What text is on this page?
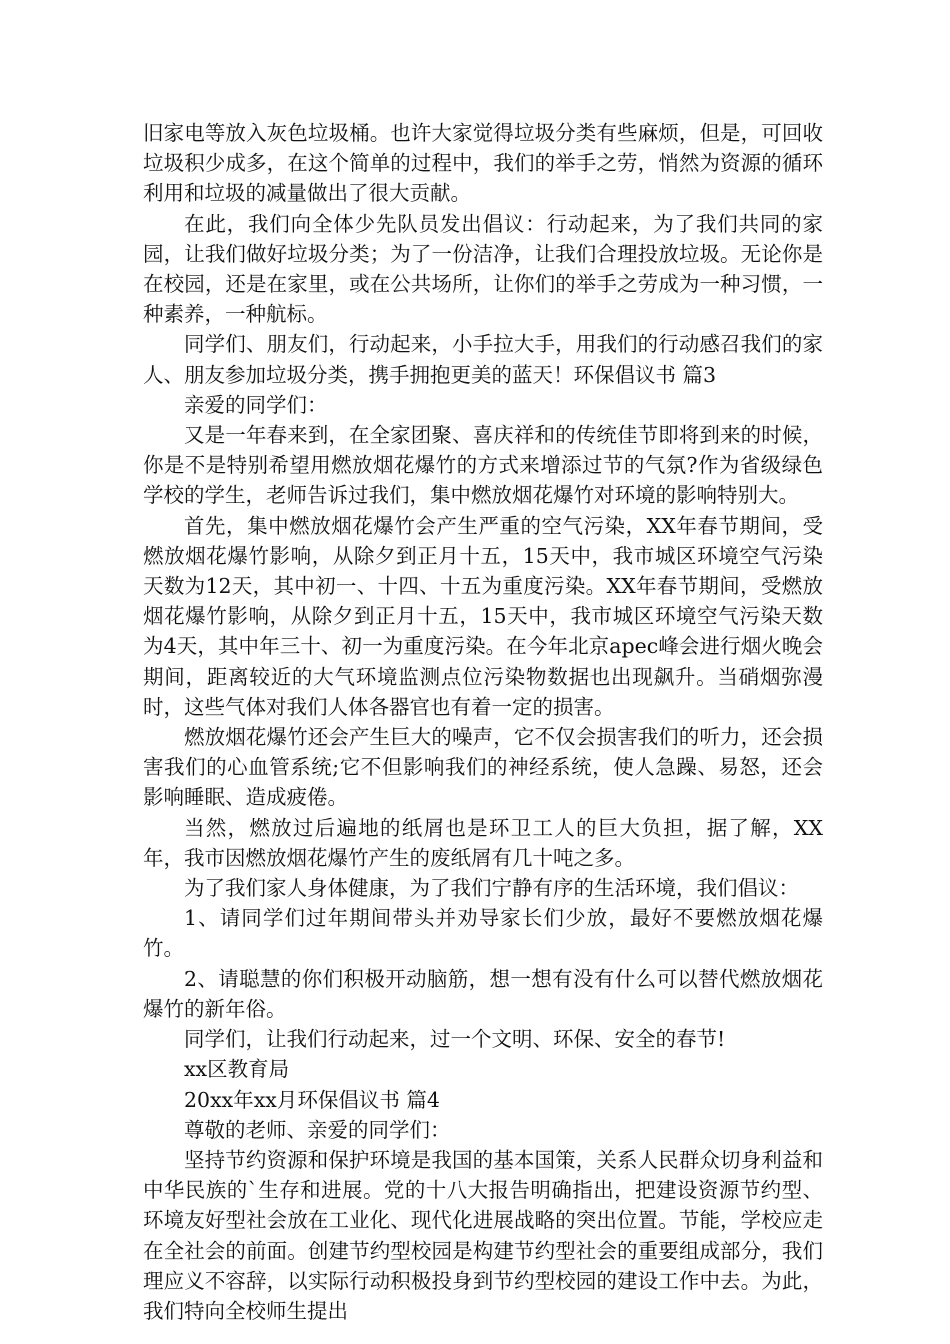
旧家电等放入灰色垃圾桶。也许大家觉得垃圾分类有些麻烦，但是，可回收垃圾积少成多，在这个简单的过程中，我们的举手之劳，悄然为资源的循环利用和垃圾的减量做出了很大贡献。

在此，我们向全体少先队员发出倡议：行动起来，为了我们共同的家园，让我们做好垃圾分类；为了一份洁净，让我们合理投放垃圾。无论你是在校园，还是在家里，或在公共场所，让你们的举手之劳成为一种习惯，一种素养，一种航标。

同学们、朋友们，行动起来，小手拉大手，用我们的行动感召我们的家人、朋友参加垃圾分类，携手拥抱更美的蓝天！环保倡议书 篇3

亲爱的同学们：

又是一年春来到，在全家团聚、喜庆祥和的传统佳节即将到来的时候，你是不是特别希望用燃放烟花爆竹的方式来增添过节的气氛?作为省级绿色学校的学生，老师告诉过我们，集中燃放烟花爆竹对环境的影响特别大。

首先，集中燃放烟花爆竹会产生严重的空气污染，XX年春节期间，受燃放烟花爆竹影响，从除夕到正月十五，15天中，我市城区环境空气污染天数为12天，其中初一、十四、十五为重度污染。XX年春节期间，受燃放烟花爆竹影响，从除夕到正月十五，15天中，我市城区环境空气污染天数为4天，其中年三十、初一为重度污染。在今年北京apec峰会进行烟火晚会期间，距离较近的大气环境监测点位污染物数据也出现飙升。当硝烟弥漫时，这些气体对我们人体各器官也有着一定的损害。

燃放烟花爆竹还会产生巨大的噪声，它不仅会损害我们的听力，还会损害我们的心血管系统;它不但影响我们的神经系统，使人急躁、易怒，还会影响睡眠、造成疲倦。

当然，燃放过后遍地的纸屑也是环卫工人的巨大负担，据了解，XX年，我市因燃放烟花爆竹产生的废纸屑有几十吨之多。

为了我们家人身体健康，为了我们宁静有序的生活环境，我们倡议：

1、请同学们过年期间带头并劝导家长们少放，最好不要燃放烟花爆竹。

2、请聪慧的你们积极开动脑筋，想一想有没有什么可以替代燃放烟花爆竹的新年俗。

同学们，让我们行动起来，过一个文明、环保、安全的春节!

xx区教育局

20xx年xx月环保倡议书 篇4

尊敬的老师、亲爱的同学们：

坚持节约资源和保护环境是我国的基本国策，关系人民群众切身利益和中华民族的`生存和进展。党的十八大报告明确指出，把建设资源节约型、环境友好型社会放在工业化、现代化进展战略的突出位置。节能，学校应走在全社会的前面。创建节约型校园是构建节约型社会的重要组成部分，我们理应义不容辞，以实际行动积极投身到节约型校园的建设工作中去。为此，我们特向全校师生提出
